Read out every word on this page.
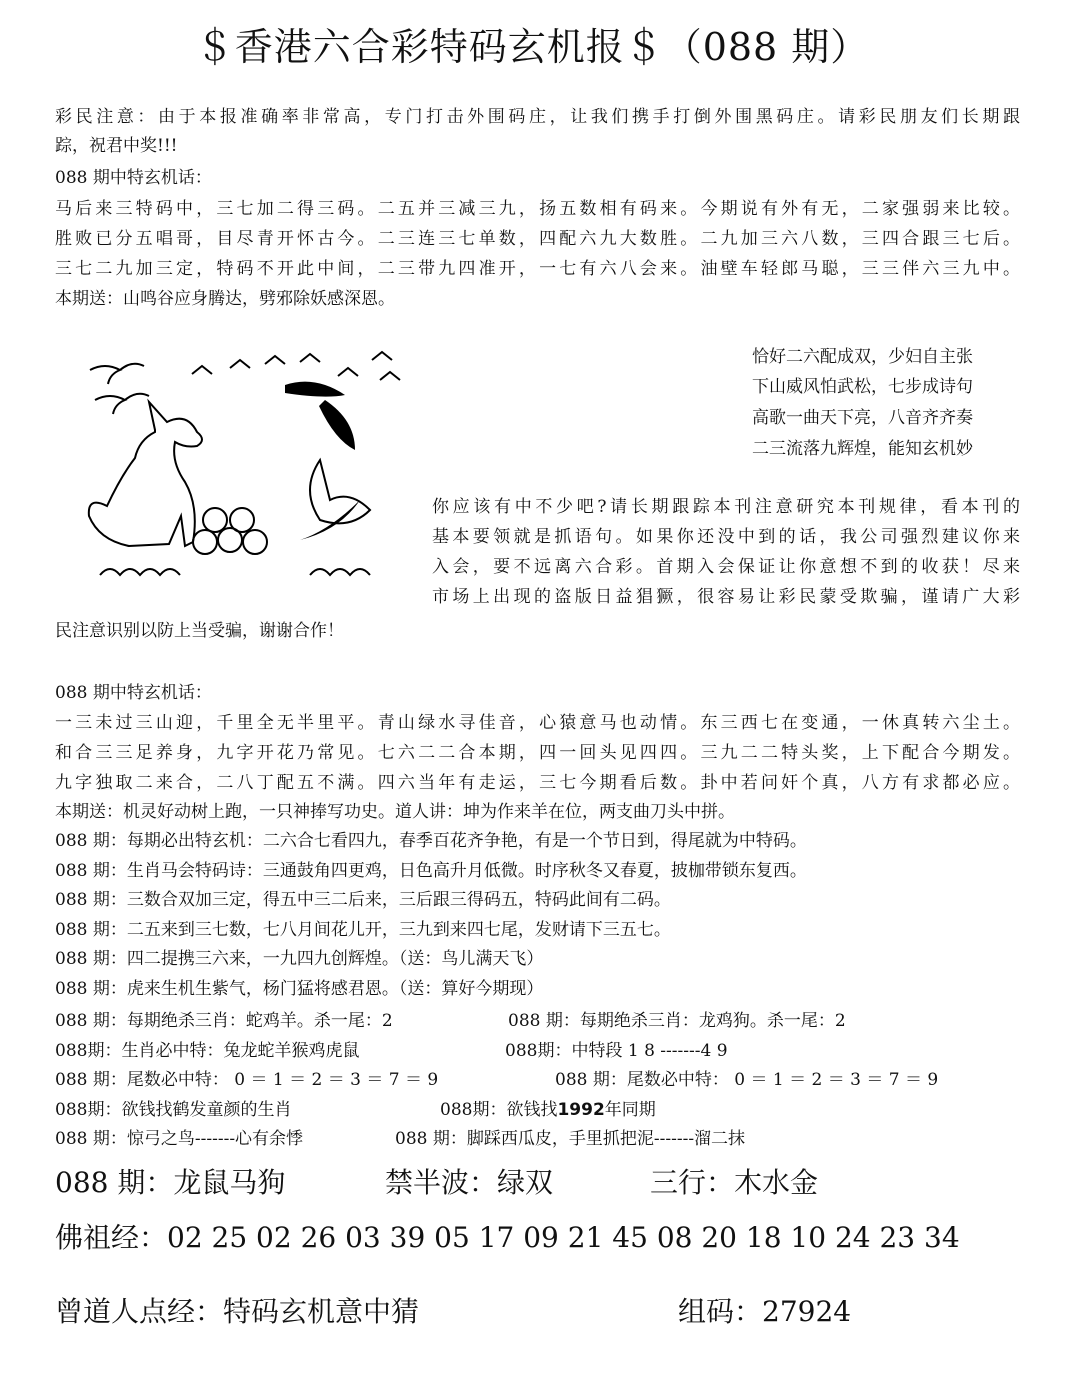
＄香港六合彩特码玄机报＄（088 期）
彩民注意：由于本报准确率非常高，专门打击外围码庄，让我们携手打倒外围黑码庄。请彩民朋友们长期跟
踪，祝君中奖!!!
088 期中特玄机话：
马后来三特码中，三七加二得三码。二五并三减三九，扬五数相有码来。今期说有外有无，二家强弱来比较。
胜败已分五唱哥，目尽青开怀古今。二三连三七单数，四配六九大数胜。二九加三六八数，三四合跟三七后。
三七二九加三定，特码不开此中间，二三带九四准开，一七有六八会来。油壁车轻郎马聪，三三伴六三九中。
本期送：山鸣谷应身腾达，劈邪除妖感深恩。
恰好二六配成双，少妇自主张
下山威风怕武松，七步成诗句
高歌一曲天下亮，八音齐齐奏
二三流落九辉煌，能知玄机妙
你应该有中不少吧?请长期跟踪本刊注意研究本刊规律，看本刊的
基本要领就是抓语句。如果你还没中到的话，我公司强烈建议你来
入会，要不远离六合彩。首期入会保证让你意想不到的收获！尽来
市场上出现的盗版日益猖獗，很容易让彩民蒙受欺骗，谨请广大彩
民注意识别以防上当受骗，谢谢合作！
088 期中特玄机话：
一三未过三山迎，千里全无半里平。青山绿水寻佳音，心猿意马也动情。东三西七在变通，一休真转六尘土。
和合三三足养身，九字开花乃常见。七六二二合本期，四一回头见四四。三九二二特头奖，上下配合今期发。
九字独取二来合，二八丁配五不满。四六当年有走运，三七今期看后数。卦中若问奸个真，八方有求都必应。
本期送：机灵好动树上跑，一只神捧写功史。道人讲：坤为作来羊在位，两支曲刀头中拼。
088 期：每期必出特玄机：二六合七看四九，春季百花齐争艳，有是一个节日到，得尾就为中特码。
088 期：生肖马会特码诗：三通鼓角四更鸡，日色高升月低微。时序秋冬又春夏，披枷带锁东复西。
088 期：三数合双加三定，得五中三二后来，三后跟三得码五，特码此间有二码。
088 期：二五来到三七数，七八月间花儿开，三九到来四七尾，发财请下三五七。
088 期：四二提携三六来，一九四九创辉煌。（送：鸟儿满天飞）
088 期：虎来生机生紫气，杨门猛将感君恩。（送：算好今期现）
088 期：每期绝杀三肖：蛇鸡羊。杀一尾：2	088 期：每期绝杀三肖：龙鸡狗。杀一尾：2
088期：生肖必中特：兔龙蛇羊猴鸡虎鼠	088期：中特段 1 8 -------4 9
088 期：尾数必中特： 0 ＝ 1 ＝ 2 ＝ 3 ＝ 7 ＝ 9	088 期：尾数必中特： 0 ＝ 1 ＝ 2 ＝ 3 ＝ 7 ＝ 9
088期：欲钱找鹤发童颜的生肖	088期：欲钱找1992年同期
088 期：惊弓之鸟-------心有余悸	088 期：脚踩西瓜皮，手里抓把泥-------溜二抹
088 期：龙鼠马狗	禁半波：绿双	三行：木水金
佛祖经：02 25 02 26 03 39 05 17 09 21 45 08 20 18 10 24 23 34
曾道人点经：特码玄机意中猜	组码：27924
